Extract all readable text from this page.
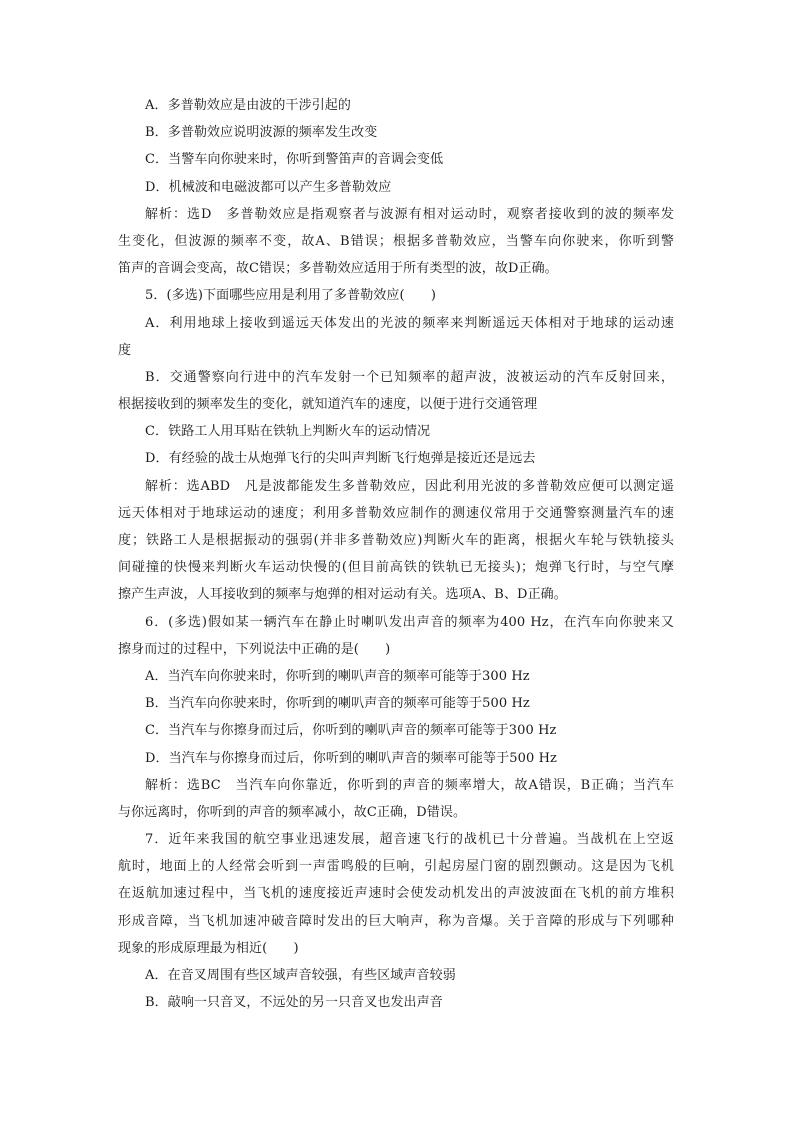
A．多普勒效应是由波的干涉引起的
B．多普勒效应说明波源的频率发生改变
C．当警车向你驶来时，你听到警笛声的音调会变低
D．机械波和电磁波都可以产生多普勒效应
解析：选D　多普勒效应是指观察者与波源有相对运动时，观察者接收到的波的频率发
生变化，但波源的频率不变，故A、B错误；根据多普勒效应，当警车向你驶来，你听到警
笛声的音调会变高，故C错误；多普勒效应适用于所有类型的波，故D正确。
5．(多选)下面哪些应用是利用了多普勒效应(　　)
A．利用地球上接收到遥远天体发出的光波的频率来判断遥远天体相对于地球的运动速
度
B．交通警察向行进中的汽车发射一个已知频率的超声波，波被运动的汽车反射回来，
根据接收到的频率发生的变化，就知道汽车的速度，以便于进行交通管理
C．铁路工人用耳贴在铁轨上判断火车的运动情况
D．有经验的战士从炮弹飞行的尖叫声判断飞行炮弹是接近还是远去
解析：选ABD　凡是波都能发生多普勒效应，因此利用光波的多普勒效应便可以测定遥
远天体相对于地球运动的速度；利用多普勒效应制作的测速仪常用于交通警察测量汽车的速
度；铁路工人是根据振动的强弱(并非多普勒效应)判断火车的距离，根据火车轮与铁轨接头
间碰撞的快慢来判断火车运动快慢的(但目前高铁的铁轨已无接头)；炮弹飞行时，与空气摩
擦产生声波，人耳接收到的频率与炮弹的相对运动有关。选项A、B、D正确。
6．(多选)假如某一辆汽车在静止时喇叭发出声音的频率为400 Hz，在汽车向你驶来又
擦身而过的过程中，下列说法中正确的是(　　)
A．当汽车向你驶来时，你听到的喇叭声音的频率可能等于300 Hz
B．当汽车向你驶来时，你听到的喇叭声音的频率可能等于500 Hz
C．当汽车与你擦身而过后，你听到的喇叭声音的频率可能等于300 Hz
D．当汽车与你擦身而过后，你听到的喇叭声音的频率可能等于500 Hz
解析：选BC　当汽车向你靠近，你听到的声音的频率增大，故A错误，B正确；当汽车
与你远离时，你听到的声音的频率减小，故C正确，D错误。
7．近年来我国的航空事业迅速发展，超音速飞行的战机已十分普遍。当战机在上空返
航时，地面上的人经常会听到一声雷鸣般的巨响，引起房屋门窗的剧烈颤动。这是因为飞机
在返航加速过程中，当飞机的速度接近声速时会使发动机发出的声波波面在飞机的前方堆积
形成音障，当飞机加速冲破音障时发出的巨大响声，称为音爆。关于音障的形成与下列哪种
现象的形成原理最为相近(　　)
A．在音叉周围有些区域声音较强，有些区域声音较弱
B．敲响一只音叉，不远处的另一只音叉也发出声音
